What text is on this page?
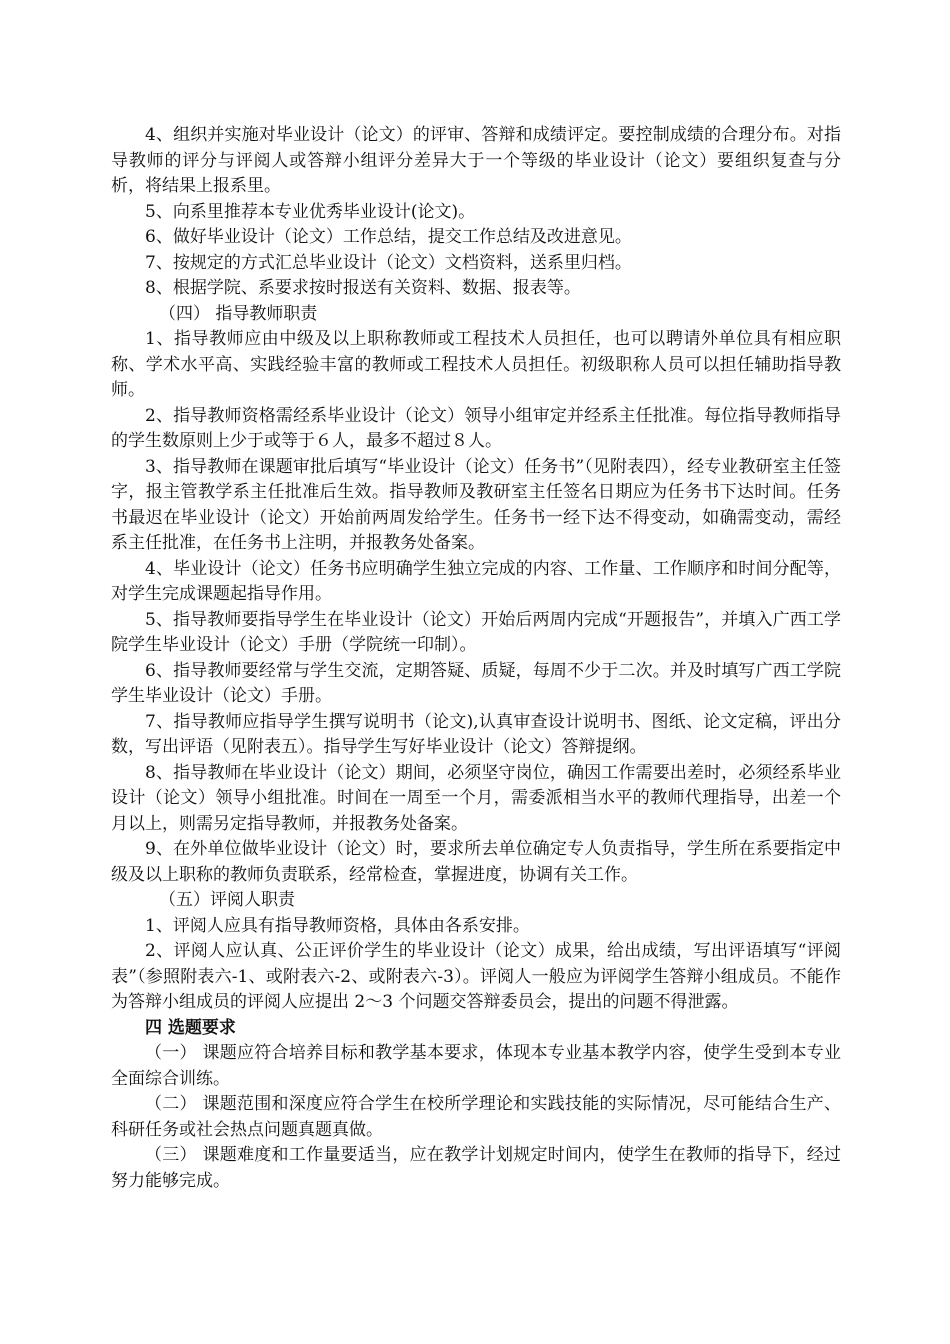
4、组织并实施对毕业设计（论文）的评审、答辩和成绩评定。要控制成绩的合理分布。对指导教师的评分与评阅人或答辩小组评分差异大于一个等级的毕业设计（论文）要组织复查与分析，将结果上报系里。

5、向系里推荐本专业优秀毕业设计(论文)。

6、做好毕业设计（论文）工作总结，提交工作总结及改进意见。

7、按规定的方式汇总毕业设计（论文）文档资料，送系里归档。

8、根据学院、系要求按时报送有关资料、数据、报表等。

（四） 指导教师职责

1、指导教师应由中级及以上职称教师或工程技术人员担任，也可以聘请外单位具有相应职称、学术水平高、实践经验丰富的教师或工程技术人员担任。初级职称人员可以担任辅助指导教师。

2、指导教师资格需经系毕业设计（论文）领导小组审定并经系主任批准。每位指导教师指导的学生数原则上少于或等于６人，最多不超过８人。

3、指导教师在课题审批后填写“毕业设计（论文）任务书”（见附表四），经专业教研室主任签字，报主管教学系主任批准后生效。指导教师及教研室主任签名日期应为任务书下达时间。任务书最迟在毕业设计（论文）开始前两周发给学生。任务书一经下达不得变动，如确需变动，需经系主任批准，在任务书上注明，并报教务处备案。

4、毕业设计（论文）任务书应明确学生独立完成的内容、工作量、工作顺序和时间分配等，对学生完成课题起指导作用。

5、指导教师要指导学生在毕业设计（论文）开始后两周内完成“开题报告”，并填入广西工学院学生毕业设计（论文）手册（学院统一印制）。

6、指导教师要经常与学生交流，定期答疑、质疑，每周不少于二次。并及时填写广西工学院学生毕业设计（论文）手册。

7、指导教师应指导学生撰写说明书（论文),认真审查设计说明书、图纸、论文定稿，评出分数，写出评语（见附表五）。指导学生写好毕业设计（论文）答辩提纲。

8、指导教师在毕业设计（论文）期间，必须坚守岗位，确因工作需要出差时，必须经系毕业设计（论文）领导小组批准。时间在一周至一个月，需委派相当水平的教师代理指导，出差一个月以上，则需另定指导教师，并报教务处备案。

9、在外单位做毕业设计（论文）时，要求所去单位确定专人负责指导，学生所在系要指定中级及以上职称的教师负责联系，经常检查，掌握进度，协调有关工作。

（五）评阅人职责

1、评阅人应具有指导教师资格，具体由各系安排。

2、评阅人应认真、公正评价学生的毕业设计（论文）成果，给出成绩，写出评语填写“评阅表”（参照附表六-1、或附表六-2、或附表六-3）。评阅人一般应为评阅学生答辩小组成员。不能作为答辩小组成员的评阅人应提出 2～3 个问题交答辩委员会，提出的问题不得泄露。

四 选题要求

（一） 课题应符合培养目标和教学基本要求，体现本专业基本教学内容，使学生受到本专业全面综合训练。

（二） 课题范围和深度应符合学生在校所学理论和实践技能的实际情况，尽可能结合生产、科研任务或社会热点问题真题真做。

（三） 课题难度和工作量要适当，应在教学计划规定时间内，使学生在教师的指导下，经过努力能够完成。
